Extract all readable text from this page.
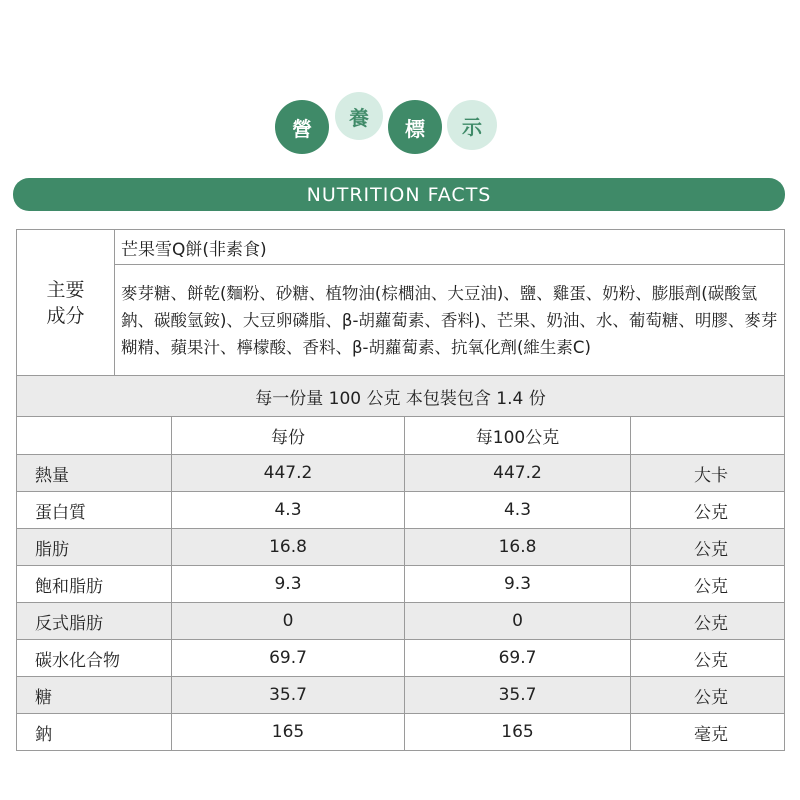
營	養	標	示
NUTRITION FACTS
主要
成分	芒果雪Q餅(非素食)			
	麥芽糖、餅乾(麵粉、砂糖、植物油(棕櫚油、大豆油)、鹽、雞蛋、奶粉、膨脹劑(碳酸氫鈉、碳酸氫銨)、大豆卵磷脂、β-胡蘿蔔素、香料)、芒果、奶油、水、葡萄糖、明膠、麥芽糊精、蘋果汁、檸檬酸、香料、β-胡蘿蔔素、抗氧化劑(維生素C)			
每一份量 100 公克 本包裝包含 1.4 份				
		每份	每100公克	
熱量		447.2	447.2	大卡
蛋白質		4.3	4.3	公克
脂肪		16.8	16.8	公克
飽和脂肪		9.3	9.3	公克
反式脂肪		0	0	公克
碳水化合物		69.7	69.7	公克
糖		35.7	35.7	公克
鈉		165	165	毫克
